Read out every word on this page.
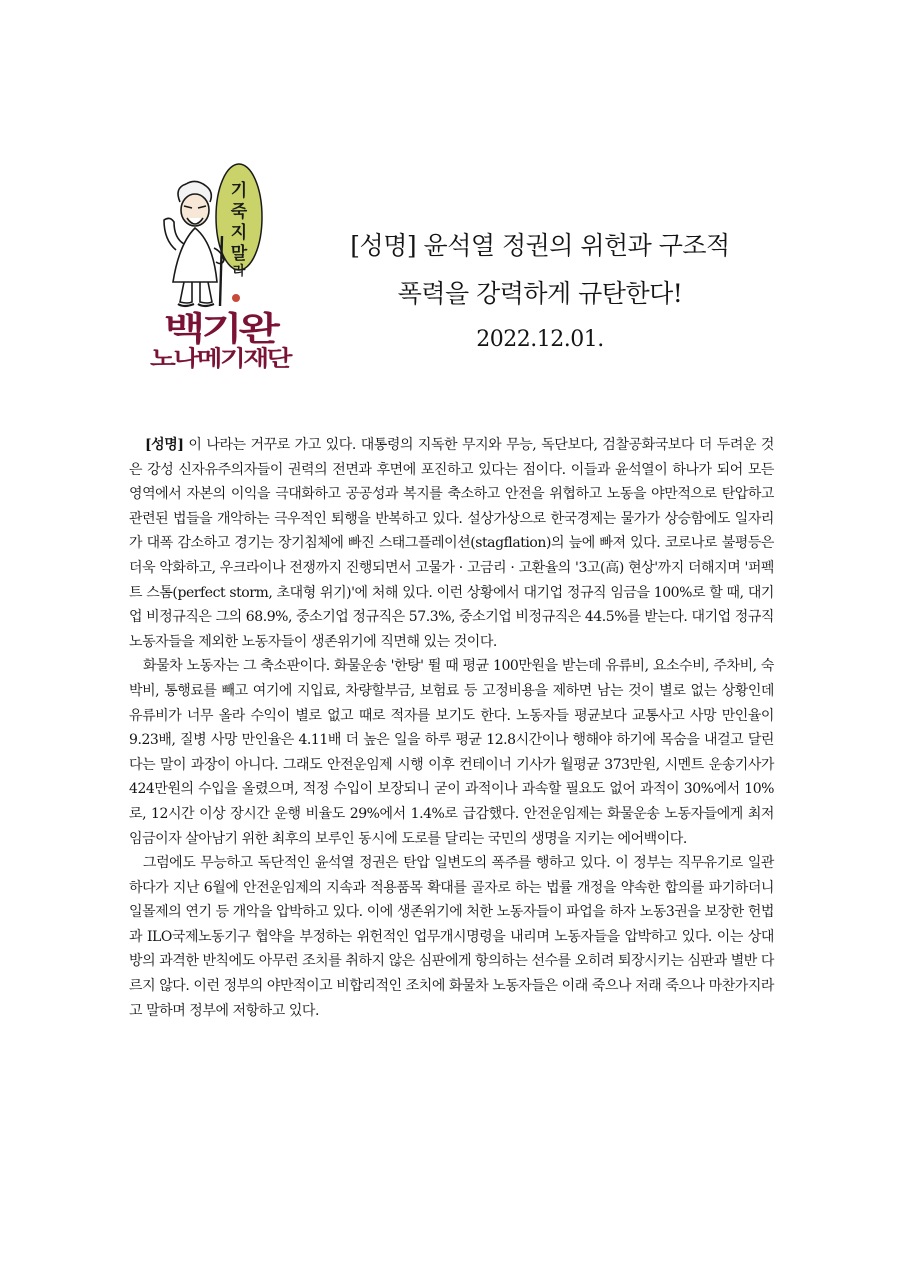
기
죽
지
말
라
백기완
노나메기재단
[성명] 윤석열 정권의 위헌과 구조적
폭력을 강력하게 규탄한다!
2022.12.01.

[성명] 이 나라는 거꾸로 가고 있다. 대통령의 지독한 무지와 무능, 독단보다, 검찰공화국보다 더 두려운 것은 강성 신자유주의자들이 권력의 전면과 후면에 포진하고 있다는 점이다. 이들과 윤석열이 하나가 되어 모든 영역에서 자본의 이익을 극대화하고 공공성과 복지를 축소하고 안전을 위협하고 노동을 야만적으로 탄압하고 관련된 법들을 개악하는 극우적인 퇴행을 반복하고 있다. 설상가상으로 한국경제는 물가가 상승함에도 일자리가 대폭 감소하고 경기는 장기침체에 빠진 스태그플레이션(stagflation)의 늪에 빠져 있다. 코로나로 불평등은 더욱 악화하고, 우크라이나 전쟁까지 진행되면서 고물가 · 고금리 · 고환율의 '3고(高) 현상'까지 더해지며 '퍼펙트 스톰(perfect storm, 초대형 위기)'에 처해 있다. 이런 상황에서 대기업 정규직 임금을 100%로 할 때, 대기업 비정규직은 그의 68.9%, 중소기업 정규직은 57.3%, 중소기업 비정규직은 44.5%를 받는다. 대기업 정규직 노동자들을 제외한 노동자들이 생존위기에 직면해 있는 것이다.

화물차 노동자는 그 축소판이다. 화물운송 '한탕' 뛸 때 평균 100만원을 받는데 유류비, 요소수비, 주차비, 숙박비, 통행료를 빼고 여기에 지입료, 차량할부금, 보험료 등 고정비용을 제하면 남는 것이 별로 없는 상황인데 유류비가 너무 올라 수익이 별로 없고 때로 적자를 보기도 한다. 노동자들 평균보다 교통사고 사망 만인율이 9.23배, 질병 사망 만인율은 4.11배 더 높은 일을 하루 평균 12.8시간이나 행해야 하기에 목숨을 내걸고 달린다는 말이 과장이 아니다. 그래도 안전운임제 시행 이후 컨테이너 기사가 월평균 373만원, 시멘트 운송기사가 424만원의 수입을 올렸으며, 적정 수입이 보장되니 굳이 과적이나 과속할 필요도 없어 과적이 30%에서 10%로, 12시간 이상 장시간 운행 비율도 29%에서 1.4%로 급감했다. 안전운임제는 화물운송 노동자들에게 최저임금이자 살아남기 위한 최후의 보루인 동시에 도로를 달리는 국민의 생명을 지키는 에어백이다.

그럼에도 무능하고 독단적인 윤석열 정권은 탄압 일변도의 폭주를 행하고 있다. 이 정부는 직무유기로 일관하다가 지난 6월에 안전운임제의 지속과 적용품목 확대를 골자로 하는 법률 개정을 약속한 합의를 파기하더니 일몰제의 연기 등 개악을 압박하고 있다. 이에 생존위기에 처한 노동자들이 파업을 하자 노동3권을 보장한 헌법과 ILO국제노동기구 협약을 부정하는 위헌적인 업무개시명령을 내리며 노동자들을 압박하고 있다. 이는 상대방의 과격한 반칙에도 아무런 조치를 취하지 않은 심판에게 항의하는 선수를 오히려 퇴장시키는 심판과 별반 다르지 않다. 이런 정부의 야만적이고 비합리적인 조치에 화물차 노동자들은 이래 죽으나 저래 죽으나 마찬가지라고 말하며 정부에 저항하고 있다.
